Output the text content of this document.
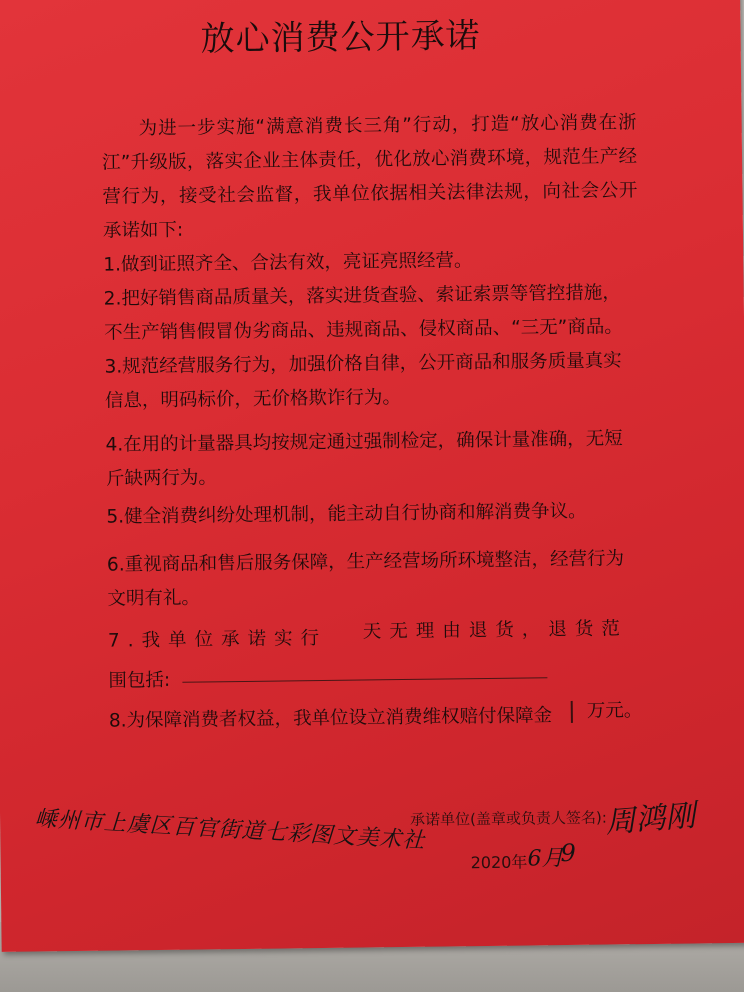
放心消费公开承诺

为进一步实施“满意消费长三角”行动，打造“放心消费在浙江”升级版，落实企业主体责任，优化放心消费环境，规范生产经营行为，接受社会监督，我单位依据相关法律法规，向社会公开承诺如下:

1.做到证照齐全、合法有效，亮证亮照经营。

2.把好销售商品质量关，落实进货查验、索证索票等管控措施，不生产销售假冒伪劣商品、违规商品、侵权商品、“三无”商品。

3.规范经营服务行为，加强价格自律，公开商品和服务质量真实信息，明码标价，无价格欺诈行为。

4.在用的计量器具均按规定通过强制检定，确保计量准确，无短斤缺两行为。

5.健全消费纠纷处理机制，能主动自行协商和解消费争议。

6.重视商品和售后服务保障，生产经营场所环境整洁，经营行为文明有礼。

7.我单位承诺实行	天无理由退货，退货范

围包括:

8.为保障消费者权益，我单位设立消费维权赔付保障金	万元。

嵊州市上虞区百官街道七彩图文美术社

承诺单位(盖章或负责人签名):

周鸿刚

2020年 6月

9
